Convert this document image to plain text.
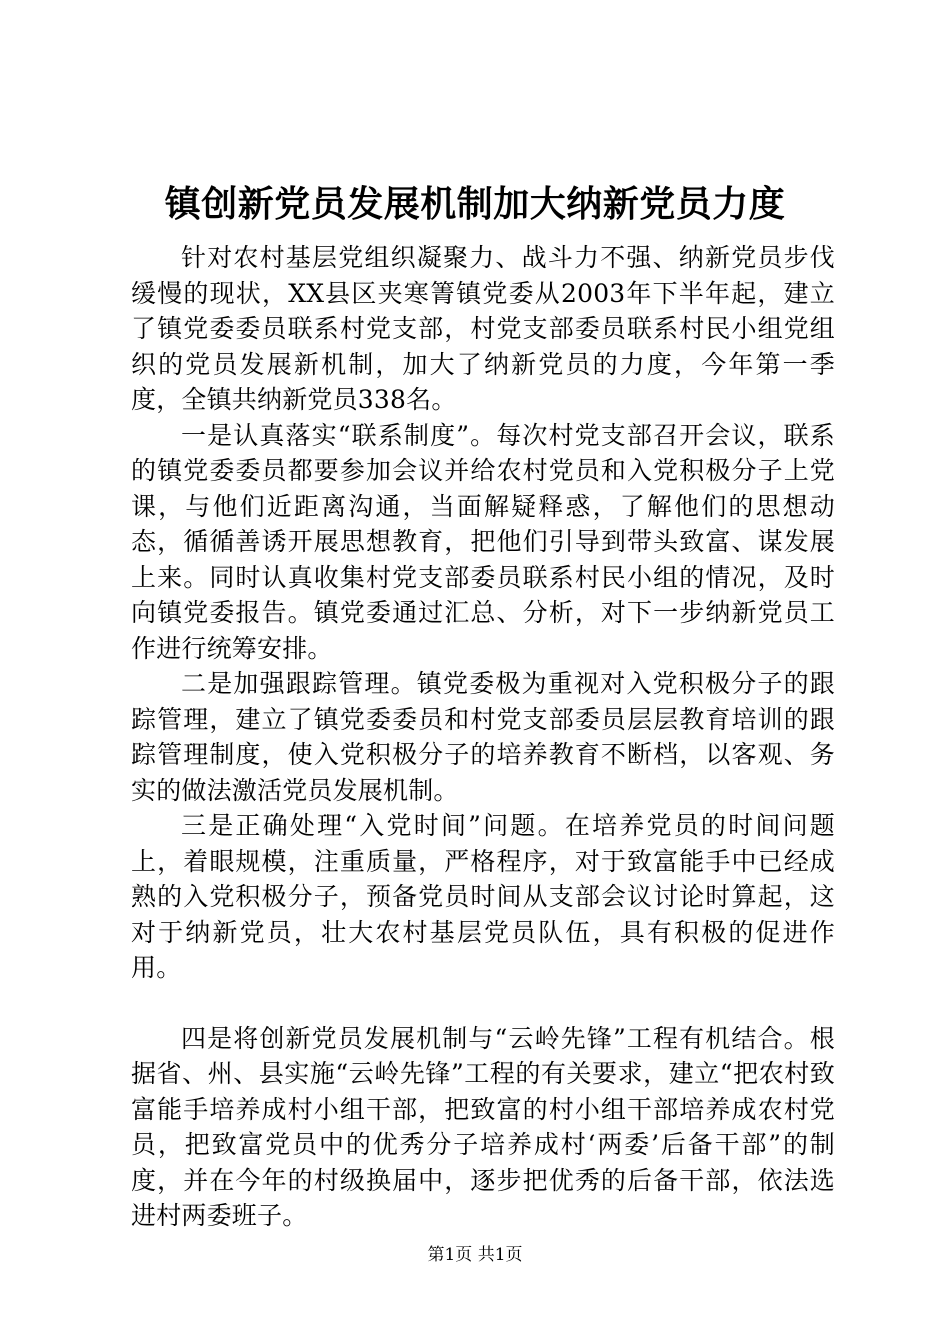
镇创新党员发展机制加大纳新党员力度

针对农村基层党组织凝聚力、战斗力不强、纳新党员步伐缓慢的现状，XX县区夹寒箐镇党委从2003年下半年起，建立了镇党委委员联系村党支部，村党支部委员联系村民小组党组织的党员发展新机制，加大了纳新党员的力度，今年第一季度，全镇共纳新党员338名。

一是认真落实“联系制度”。每次村党支部召开会议，联系的镇党委委员都要参加会议并给农村党员和入党积极分子上党课，与他们近距离沟通，当面解疑释惑，了解他们的思想动态，循循善诱开展思想教育，把他们引导到带头致富、谋发展上来。同时认真收集村党支部委员联系村民小组的情况，及时向镇党委报告。镇党委通过汇总、分析，对下一步纳新党员工作进行统筹安排。

二是加强跟踪管理。镇党委极为重视对入党积极分子的跟踪管理，建立了镇党委委员和村党支部委员层层教育培训的跟踪管理制度，使入党积极分子的培养教育不断档，以客观、务实的做法激活党员发展机制。

三是正确处理“入党时间”问题。在培养党员的时间问题上，着眼规模，注重质量，严格程序，对于致富能手中已经成熟的入党积极分子，预备党员时间从支部会议讨论时算起，这对于纳新党员，壮大农村基层党员队伍，具有积极的促进作用。

四是将创新党员发展机制与“云岭先锋”工程有机结合。根据省、州、县实施“云岭先锋”工程的有关要求，建立“把农村致富能手培养成村小组干部，把致富的村小组干部培养成农村党员，把致富党员中的优秀分子培养成村‘两委’后备干部”的制度，并在今年的村级换届中，逐步把优秀的后备干部，依法选进村两委班子。

第1页 共1页
